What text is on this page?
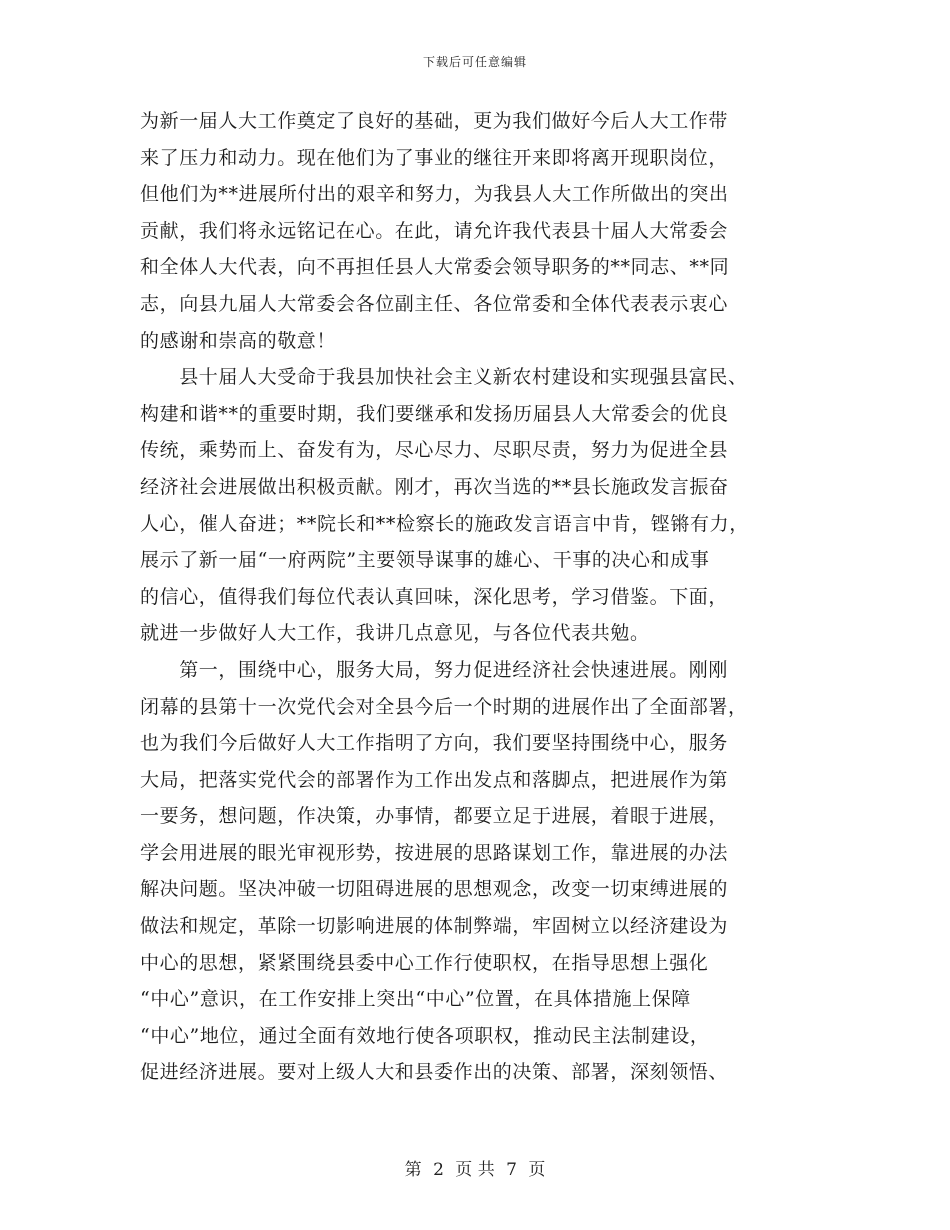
下载后可任意编辑
为新一届人大工作奠定了良好的基础，更为我们做好今后人大工作带
来了压力和动力。现在他们为了事业的继往开来即将离开现职岗位，
但他们为**进展所付出的艰辛和努力，为我县人大工作所做出的突出
贡献，我们将永远铭记在心。在此，请允许我代表县十届人大常委会
和全体人大代表，向不再担任县人大常委会领导职务的**同志、**同
志，向县九届人大常委会各位副主任、各位常委和全体代表表示衷心
的感谢和崇高的敬意！
　　县十届人大受命于我县加快社会主义新农村建设和实现强县富民、
构建和谐**的重要时期，我们要继承和发扬历届县人大常委会的优良
传统，乘势而上、奋发有为，尽心尽力、尽职尽责，努力为促进全县
经济社会进展做出积极贡献。刚才，再次当选的**县长施政发言振奋
人心，催人奋进；**院长和**检察长的施政发言语言中肯，铿锵有力，
展示了新一届“一府两院”主要领导谋事的雄心、干事的决心和成事
的信心，值得我们每位代表认真回味，深化思考，学习借鉴。下面，
就进一步做好人大工作，我讲几点意见，与各位代表共勉。
　　第一，围绕中心，服务大局，努力促进经济社会快速进展。刚刚
闭幕的县第十一次党代会对全县今后一个时期的进展作出了全面部署，
也为我们今后做好人大工作指明了方向，我们要坚持围绕中心，服务
大局，把落实党代会的部署作为工作出发点和落脚点，把进展作为第
一要务，想问题，作决策，办事情，都要立足于进展，着眼于进展，
学会用进展的眼光审视形势，按进展的思路谋划工作，靠进展的办法
解决问题。坚决冲破一切阻碍进展的思想观念，改变一切束缚进展的
做法和规定，革除一切影响进展的体制弊端，牢固树立以经济建设为
中心的思想，紧紧围绕县委中心工作行使职权，在指导思想上强化
“中心”意识，在工作安排上突出“中心”位置，在具体措施上保障
“中心”地位，通过全面有效地行使各项职权，推动民主法制建设，
促进经济进展。要对上级人大和县委作出的决策、部署，深刻领悟、
第 2 页 共 7 页
